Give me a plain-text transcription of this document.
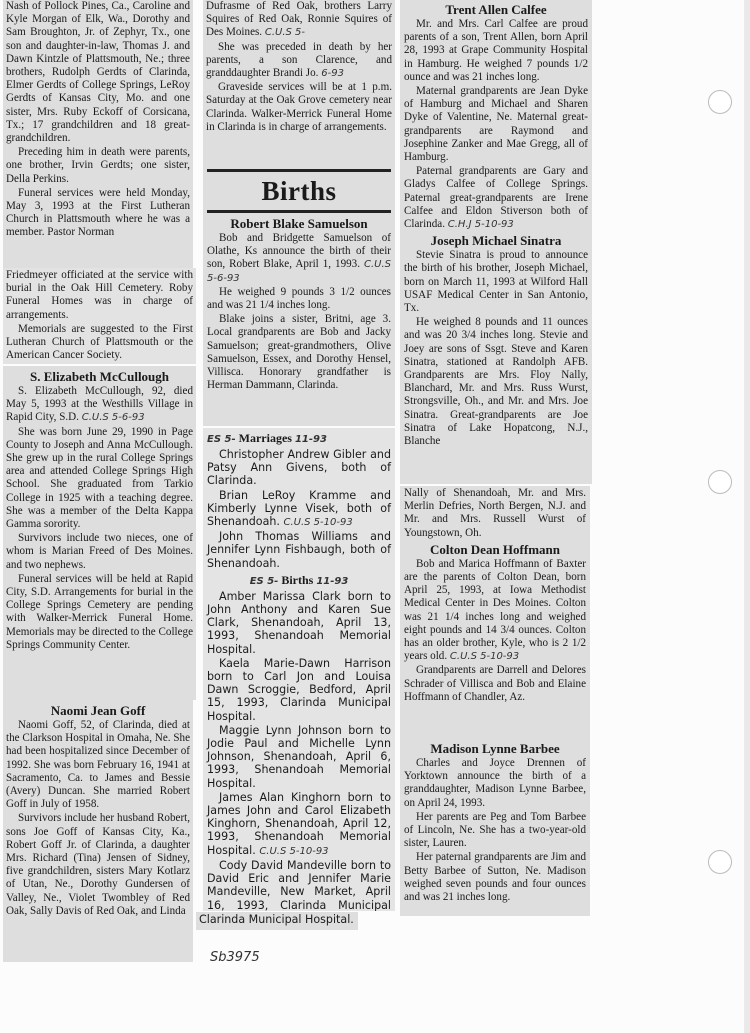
Nash of Pollock Pines, Ca., Caroline and Kyle Morgan of Elk, Wa., Dorothy and Sam Broughton, Jr. of Zephyr, Tx., one son and daughter-in-law, Thomas J. and Dawn Kintzle of Plattsmouth, Ne.; three brothers, Rudolph Gerdts of Clarinda, Elmer Gerdts of College Springs, LeRoy Gerdts of Kansas City, Mo. and one sister, Mrs. Ruby Eckoff of Corsicana, Tx.; 17 grandchildren and 18 great-grandchildren.

Preceding him in death were parents, one brother, Irvin Gerdts; one sister, Della Perkins.

Funeral services were held Monday, May 3, 1993 at the First Lutheran Church in Plattsmouth where he was a member. Pastor Norman

Friedmeyer officiated at the service with burial in the Oak Hill Cemetery. Roby Funeral Homes was in charge of arrangements.

Memorials are suggested to the First Lutheran Church of Plattsmouth or the American Cancer Society.

S. Elizabeth McCullough

S. Elizabeth McCullough, 92, died May 5, 1993 at the Westhills Village in Rapid City, S.D. C.U.S 5-6-93

She was born June 29, 1990 in Page County to Joseph and Anna McCullough. She grew up in the rural College Springs area and attended College Springs High School. She graduated from Tarkio College in 1925 with a teaching degree. She was a member of the Delta Kappa Gamma sorority.

Survivors include two nieces, one of whom is Marian Freed of Des Moines. and two nephews.

Funeral services will be held at Rapid City, S.D. Arrangements for burial in the College Springs Cemetery are pending with Walker-Merrick Funeral Home. Memorials may be directed to the College Springs Community Center.

Naomi Jean Goff

Naomi Goff, 52, of Clarinda, died at the Clarkson Hospital in Omaha, Ne. She had been hospitalized since December of 1992. She was born February 16, 1941 at Sacramento, Ca. to James and Bessie (Avery) Duncan. She married Robert Goff in July of 1958.

Survivors include her husband Robert, sons Joe Goff of Kansas City, Ka., Robert Goff Jr. of Clarinda, a daughter Mrs. Richard (Tina) Jensen of Sidney, five grandchildren, sisters Mary Kotlarz of Utan, Ne., Dorothy Gundersen of Valley, Ne., Violet Twombley of Red Oak, Sally Davis of Red Oak, and Linda

Dufrasme of Red Oak, brothers Larry Squires of Red Oak, Ronnie Squires of Des Moines. C.U.S 5-

She was preceded in death by her parents, a son Clarence, and granddaughter Brandi Jo. 6-93

Graveside services will be at 1 p.m. Saturday at the Oak Grove cemetery near Clarinda. Walker-Merrick Funeral Home in Clarinda is in charge of arrangements.

Births
Robert Blake Samuelson

Bob and Bridgette Samuelson of Olathe, Ks announce the birth of their son, Robert Blake, April 1, 1993. C.U.S 5-6-93

He weighed 9 pounds 3 1/2 ounces and was 21 1/4 inches long.

Blake joins a sister, Britni, age 3. Local grandparents are Bob and Jacky Samuelson; great-grandmothers, Olive Samuelson, Essex, and Dorothy Hensel, Villisca. Honorary grandfather is Herman Dammann, Clarinda.

ES 5- Marriages 11-93

Christopher Andrew Gibler and Patsy Ann Givens, both of Clarinda.

Brian LeRoy Kramme and Kimberly Lynne Visek, both of Shenandoah. C.U.S 5-10-93

John Thomas Williams and Jennifer Lynn Fishbaugh, both of Shenandoah.

ES 5- Births 11-93

Amber Marissa Clark born to John Anthony and Karen Sue Clark, Shenandoah, April 13, 1993, Shenandoah Memorial Hospital.

Kaela Marie-Dawn Harrison born to Carl Jon and Louisa Dawn Scroggie, Bedford, April 15, 1993, Clarinda Municipal Hospital.

Maggie Lynn Johnson born to Jodie Paul and Michelle Lynn Johnson, Shenandoah, April 6, 1993, Shenandoah Memorial Hospital.

James Alan Kinghorn born to James John and Carol Elizabeth Kinghorn, Shenandoah, April 12, 1993, Shenandoah Memorial Hospital. C.U.S 5-10-93

Cody David Mandeville born to David Eric and Jennifer Marie Mandeville, New Market, April 16, 1993, Clarinda Municipal

Clarinda Municipal Hospital.

Trent Allen Calfee

Mr. and Mrs. Carl Calfee are proud parents of a son, Trent Allen, born April 28, 1993 at Grape Community Hospital in Hamburg. He weighed 7 pounds 1/2 ounce and was 21 inches long.

Maternal grandparents are Jean Dyke of Hamburg and Michael and Sharen Dyke of Valentine, Ne. Maternal great-grandparents are Raymond and Josephine Zanker and Mae Gregg, all of Hamburg.

Paternal grandparents are Gary and Gladys Calfee of College Springs. Paternal great-grandparents are Irene Calfee and Eldon Stiverson both of Clarinda. C.H.J 5-10-93

Joseph Michael Sinatra

Stevie Sinatra is proud to announce the birth of his brother, Joseph Michael, born on March 11, 1993 at Wilford Hall USAF Medical Center in San Antonio, Tx.

He weighed 8 pounds and 11 ounces and was 20 3/4 inches long. Stevie and Joey are sons of Ssgt. Steve and Karen Sinatra, stationed at Randolph AFB. Grandparents are Mrs. Floy Nally, Blanchard, Mr. and Mrs. Russ Wurst, Strongsville, Oh., and Mr. and Mrs. Joe Sinatra. Great-grandparents are Joe Sinatra of Lake Hopatcong, N.J., Blanche

Nally of Shenandoah, Mr. and Mrs. Merlin Defries, North Bergen, N.J. and Mr. and Mrs. Russell Wurst of Youngstown, Oh.

Colton Dean Hoffmann

Bob and Marica Hoffmann of Baxter are the parents of Colton Dean, born April 25, 1993, at Iowa Methodist Medical Center in Des Moines. Colton was 21 1/4 inches long and weighed eight pounds and 14 3/4 ounces. Colton has an older brother, Kyle, who is 2 1/2 years old. C.U.S 5-10-93

Grandparents are Darrell and Delores Schrader of Villisca and Bob and Elaine Hoffmann of Chandler, Az.

Madison Lynne Barbee

Charles and Joyce Drennen of Yorktown announce the birth of a granddaughter, Madison Lynne Barbee, on April 24, 1993.

Her parents are Peg and Tom Barbee of Lincoln, Ne. She has a two-year-old sister, Lauren.

Her paternal grandparents are Jim and Betty Barbee of Sutton, Ne. Madison weighed seven pounds and four ounces and was 21 inches long.

Sb3975
